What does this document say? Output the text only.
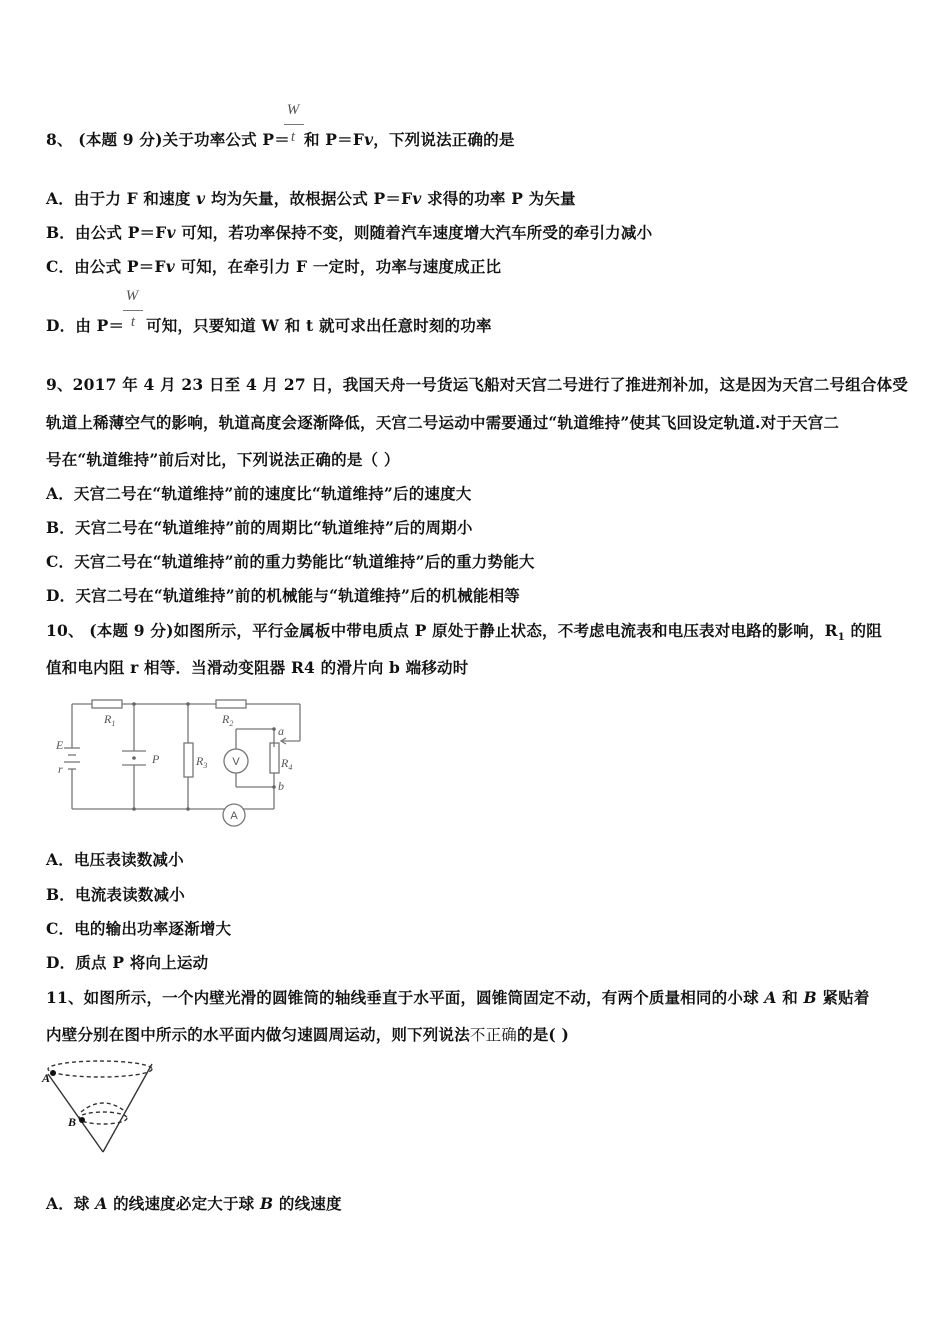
W
t
8、 (本题 9 分)关于功率公式 P＝ 和 P＝Fv，下列说法正确的是
A．由于力 F 和速度 v 均为矢量，故根据公式 P＝Fv 求得的功率 P 为矢量
B．由公式 P＝Fv 可知，若功率保持不变，则随着汽车速度增大汽车所受的牵引力减小
C．由公式 P＝Fv 可知，在牵引力 F 一定时，功率与速度成正比
W
t
D．由 P＝ 可知，只要知道 W 和 t 就可求出任意时刻的功率
9、2017 年 4 月 23 日至 4 月 27 日，我国天舟一号货运飞船对天宫二号进行了推进剂补加，这是因为天宫二号组合体受
轨道上稀薄空气的影响，轨道高度会逐渐降低，天宫二号运动中需要通过“轨道维持”使其飞回设定轨道.对于天宫二
号在“轨道维持”前后对比，下列说法正确的是（ ）
A．天宫二号在“轨道维持”前的速度比“轨道维持”后的速度大
B．天宫二号在“轨道维持”前的周期比“轨道维持”后的周期小
C．天宫二号在“轨道维持”前的重力势能比“轨道维持”后的重力势能大
D．天宫二号在“轨道维持”前的机械能与“轨道维持”后的机械能相等
10、 (本题 9 分)如图所示，平行金属板中带电质点 P 原处于静止状态，不考虑电流表和电压表对电路的影响，$R_1$ 的阻
值和电内阻 r 相等．当滑动变阻器 R4 的滑片向 b 端移动时
E
r
$R_1$
P	$R_3$
$R_2$
$R_4$
a
b
V
A
A．电压表读数减小
B．电流表读数减小
C．电的输出功率逐渐增大
D．质点 P 将向上运动
11、如图所示，一个内壁光滑的圆锥筒的轴线垂直于水平面，圆锥筒固定不动，有两个质量相同的小球 A 和 B 紧贴着
内壁分别在图中所示的水平面内做匀速圆周运动，则下列说法不正确的是( )
A
B
A．球 A 的线速度必定大于球 B 的线速度
